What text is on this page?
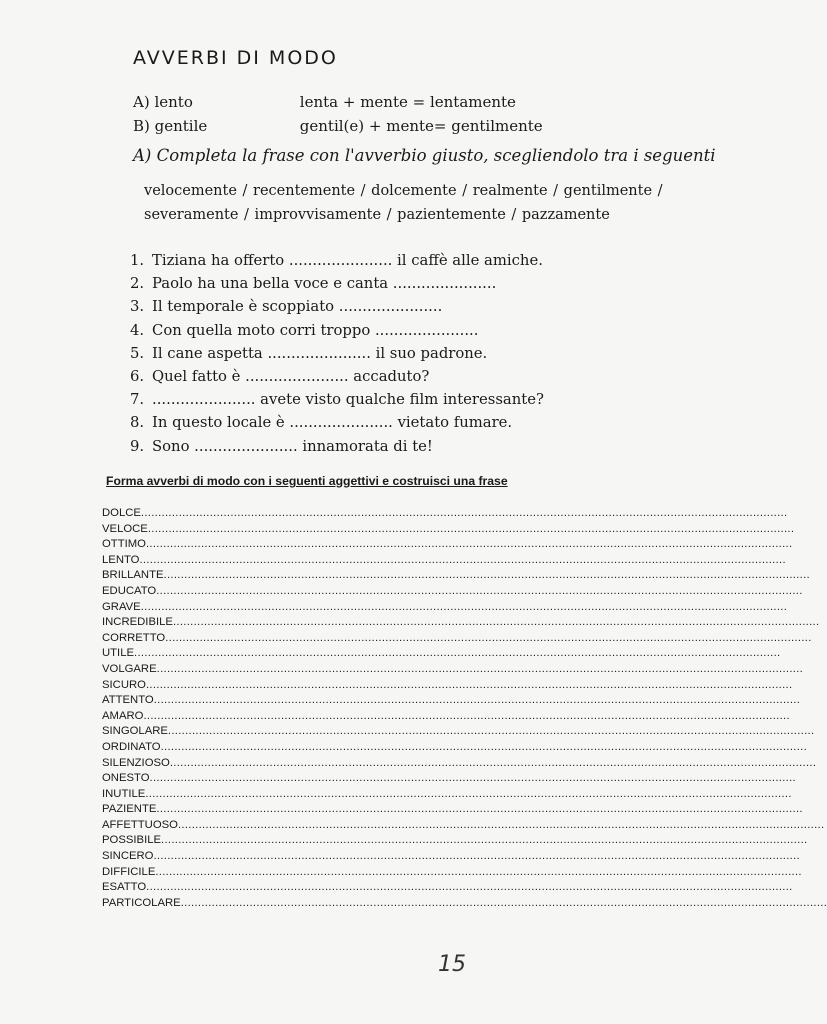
AVVERBI DI MODO
A) lento	lenta + mente = lentamente
B) gentile	gentil(e) + mente= gentilmente
A) Completa la frase con l'avverbio giusto, scegliendolo tra i seguenti
velocemente / recentemente / dolcemente / realmente / gentilmente /
severamente / improvvisamente / pazientemente / pazzamente
1. Tiziana ha offerto ...................... il caffè alle amiche.
2. Paolo ha una bella voce e canta ......................
3. Il temporale è scoppiato ......................
4. Con quella moto corri troppo ......................
5. Il cane aspetta ...................... il suo padrone.
6. Quel fatto è ...................... accaduto?
7. ...................... avete visto qualche film interessante?
8. In questo locale è ...................... vietato fumare.
9. Sono ...................... innamorata di te!
Forma avverbi di modo con i seguenti aggettivi e costruisci una frase
DOLCE............................................................................................................................................................................................
VELOCE............................................................................................................................................................................................
OTTIMO............................................................................................................................................................................................
LENTO............................................................................................................................................................................................
BRILLANTE............................................................................................................................................................................................
EDUCATO............................................................................................................................................................................................
GRAVE............................................................................................................................................................................................
INCREDIBILE............................................................................................................................................................................................
CORRETTO............................................................................................................................................................................................
UTILE............................................................................................................................................................................................
VOLGARE............................................................................................................................................................................................
SICURO............................................................................................................................................................................................
ATTENTO............................................................................................................................................................................................
AMARO............................................................................................................................................................................................
SINGOLARE............................................................................................................................................................................................
ORDINATO............................................................................................................................................................................................
SILENZIOSO............................................................................................................................................................................................
ONESTO............................................................................................................................................................................................
INUTILE............................................................................................................................................................................................
PAZIENTE............................................................................................................................................................................................
AFFETTUOSO............................................................................................................................................................................................
POSSIBILE............................................................................................................................................................................................
SINCERO............................................................................................................................................................................................
DIFFICILE............................................................................................................................................................................................
ESATTO............................................................................................................................................................................................
PARTICOLARE............................................................................................................................................................................................
15
